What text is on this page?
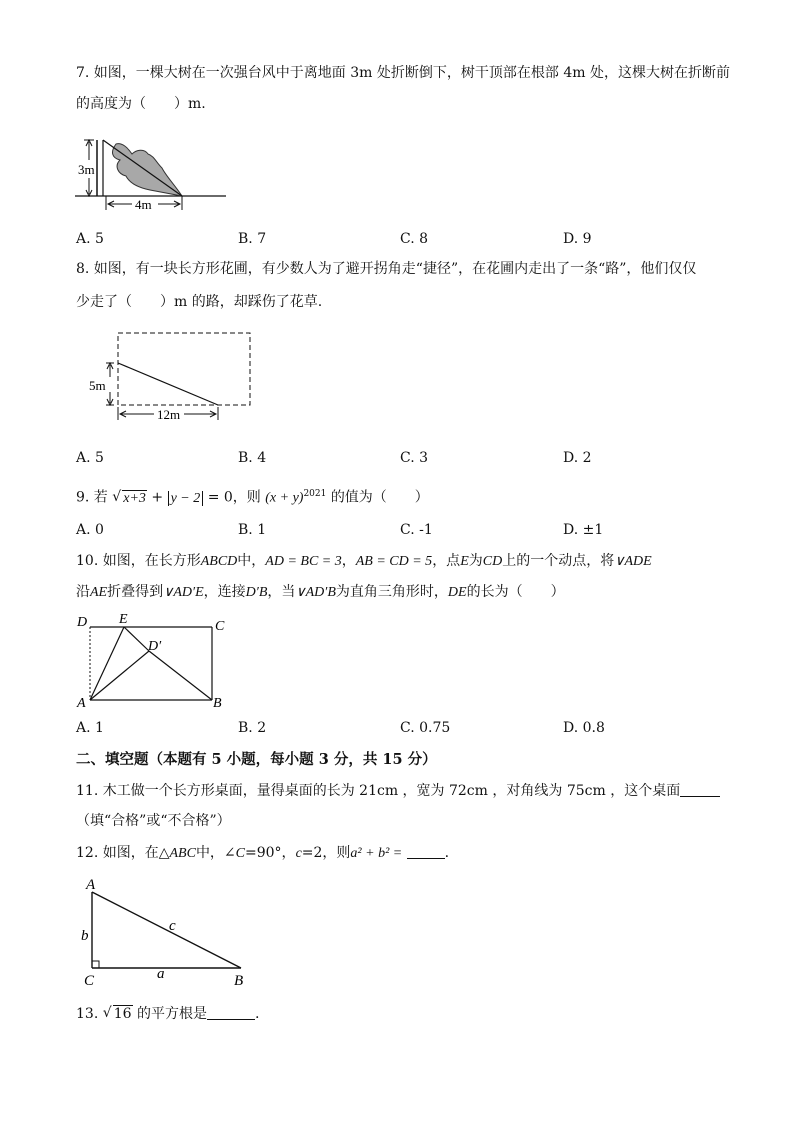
7. 如图，一棵大树在一次强台风中于离地面 3m 处折断倒下，树干顶部在根部 4m 处，这棵大树在折断前
的高度为（　　）m.
3m
4m
A. 5	B. 7	C. 8	D. 9
8. 如图，有一块长方形花圃，有少数人为了避开拐角走“捷径”，在花圃内走出了一条“路”，他们仅仅
少走了（　　）m 的路，却踩伤了花草.
5m
12m
A. 5	B. 4	C. 3	D. 2
9. 若 √ x+3 + y − 2 = 0，则 $(x + y)^{2021}$ 的值为（　　）
A. 0	B. 1	C. -1	D. ±1
10. 如图，在长方形ABCD中，AD = BC = 3，AB = CD = 5，点E为CD上的一个动点，将∨ADE
沿AE折叠得到∨AD′E，连接D′B，当∨AD′B为直角三角形时，DE的长为（　　）
D E	C
D′
A	B
A. 1	B. 2	C. 0.75	D. 0.8
二、填空题（本题有 5 小题，每小题 3 分，共 15 分）
11. 木工做一个长方形桌面，量得桌面的长为 21cm ，宽为 72cm ，对角线为 75cm ，这个桌面
（填“合格”或“不合格”）
12. 如图，在△ABC中，∠C=90°，c=2，则a² + b² =	.
A
b
c
a
C	B
13. √ 16 的平方根是	.
